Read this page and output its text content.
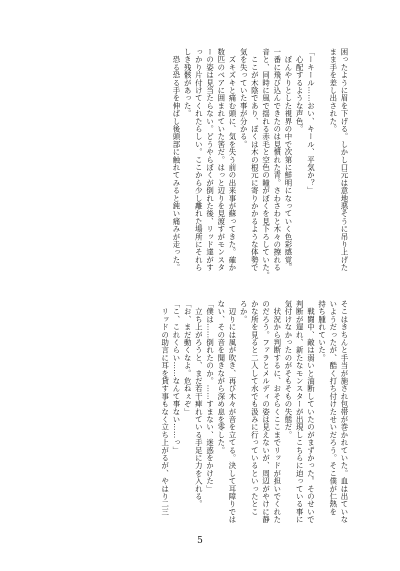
困ったように眉を下げる。しかし口元は意地悪そうに吊り上げた
まま手を差し出された。

「ーキール……おい、キール、平気か？」
　心配するような声色。
　ぼんやりとした視界の中で次第に鮮明になっていく色彩感覚。
一番に飛び込んできたのは見慣れた青。さわさわと木々の擦れる
音と、同時に風で揺れる赤毛と空色の瞳がぼくを見下ろしていた。
　ここが木陰であり、ぼくは木の根元に寄りかかるような体勢で
気を失っていた事が分かる。
　ズキズキと痛む頭に、気を失う前の出来事が蘇ってきた。確か
数匹のベアに囲まれていた筈だ。はっと辺りを見渡すがモンスタ
ーの姿は見当たらない。どうやらぼくが倒れた後、リッド達がす
っかり片付けてくれたらしい。ここから少し離れた場所にそれら
しき残骸があった。
　恐る恐る手を伸ばし後頭部に触れてみると鈍い痛みが走った。
そこはきちんと手当が施され包帯が巻かれていた。血は出ていな
いようだったが、酷く打ち付けたせいだろう。そこ僕が仁熱を
持ち腫れていた。
　戦闘中、敵は弱いと油断していたのがまずかった。そのせいで
判断が遅れ、新たなモンスターが出現しこちらに迫っている事に
気付けなかったのがそもそもの失態だ。
　状況から判断するに、おそらくここまでリッドが担いでくれた
のだろう。ファラとメルディの姿は見えないが、周辺がやけに静
かな所を見ると二人して水でも汲みに行っているといったとこ
ろか。
　辺りには風が吹き、再び木々が音を立てる。決して耳障りでは
ない、その音を聞きながら深め息を零した。
「僕は……倒れたのか。……すまない、迷惑をかけた」
　立ち上がろうと、まだ若干痺れている手足に力を入れる。
「お、まだ動くなよ。危ねぇぞ」
「こ、これくらい……なんて事ない……っ」
　リッドの助言に耳を貸す事もなく立ち上がるが、やはり二三
5
